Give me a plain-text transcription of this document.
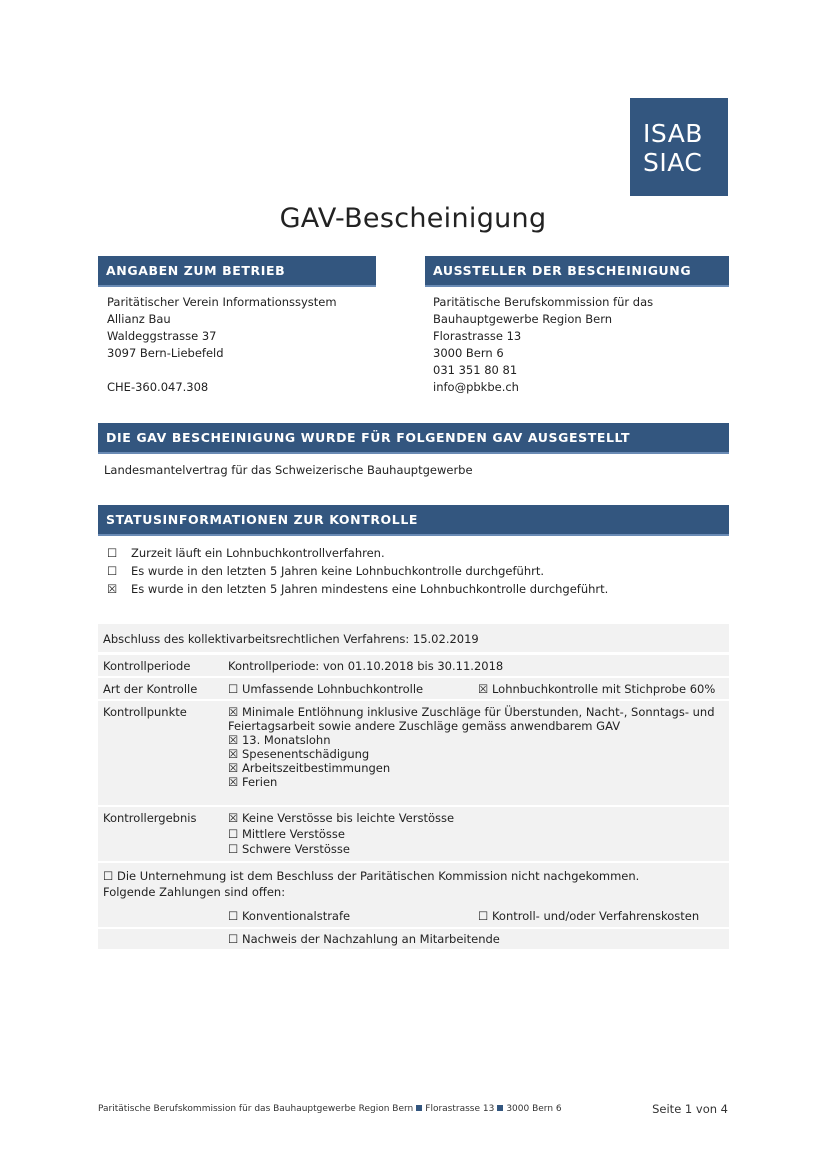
ISAB
SIAC
GAV-Bescheinigung
ANGABEN ZUM BETRIEB
Paritätischer Verein Informationssystem
Allianz Bau
Waldeggstrasse 37
3097 Bern-Liebefeld
CHE-360.047.308
AUSSTELLER DER BESCHEINIGUNG
Paritätische Berufskommission für das
Bauhauptgewerbe Region Bern
Florastrasse 13
3000 Bern 6
031 351 80 81
info@pbkbe.ch
DIE GAV BESCHEINIGUNG WURDE FÜR FOLGENDEN GAV AUSGESTELLT
Landesmantelvertrag für das Schweizerische Bauhauptgewerbe
STATUSINFORMATIONEN ZUR KONTROLLE
☐ Zurzeit läuft ein Lohnbuchkontrollverfahren.
☐ Es wurde in den letzten 5 Jahren keine Lohnbuchkontrolle durchgeführt.
☒ Es wurde in den letzten 5 Jahren mindestens eine Lohnbuchkontrolle durchgeführt.
Abschluss des kollektivarbeitsrechtlichen Verfahrens: 15.02.2019
Kontrollperiode	Kontrollperiode: von 01.10.2018 bis 30.11.2018
Art der Kontrolle	☐ Umfassende Lohnbuchkontrolle	☒ Lohnbuchkontrolle mit Stichprobe 60%
Kontrollpunkte	☒ Minimale Entlöhnung inklusive Zuschläge für Überstunden, Nacht-, Sonntags- und
Feiertagsarbeit sowie andere Zuschläge gemäss anwendbarem GAV
☒ 13. Monatslohn
☒ Spesenentschädigung
☒ Arbeitszeitbestimmungen
☒ Ferien
Kontrollergebnis	☒ Keine Verstösse bis leichte Verstösse
☐ Mittlere Verstösse
☐ Schwere Verstösse
☐ Die Unternehmung ist dem Beschluss der Paritätischen Kommission nicht nachgekommen.
Folgende Zahlungen sind offen:
☐ Konventionalstrafe	☐ Kontroll- und/oder Verfahrenskosten
☐ Nachweis der Nachzahlung an Mitarbeitende
Paritätische Berufskommission für das Bauhauptgewerbe Region Bern Florastrasse 13 3000 Bern 6	Seite 1 von 4
